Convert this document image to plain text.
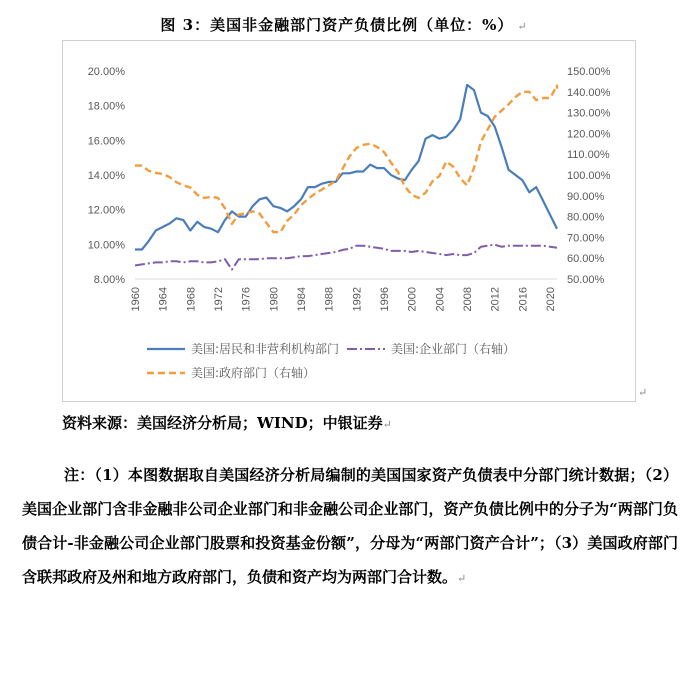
图 3：美国非金融部门资产负债比例（单位：%） ↵
8.00%
10.00%
12.00%
14.00%
16.00%
18.00%
20.00%
50.00%
60.00%
70.00%
80.00%
90.00%
100.00%
110.00%
120.00%
130.00%
140.00%
150.00%
1960 1964 1968 1972 1976 1980 1984 1988 1992 1996 2000 2004 2008 2012 2016 2020
美国:居民和非营利机构部门	美国:企业部门（右轴）
美国:政府部门（右轴）
↵
资料来源：美国经济分析局；WIND；中银证券↵
注：（1）本图数据取自美国经济分析局编制的美国国家资产负债表中分部门统计数据；（2）美国企业部门含非金融非公司企业部门和非金融公司企业部门，资产负债比例中的分子为“两部门负债合计-非金融公司企业部门股票和投资基金份额”，分母为“两部门资产合计”；（3）美国政府部门含联邦政府及州和地方政府部门，负债和资产均为两部门合计数。↵
